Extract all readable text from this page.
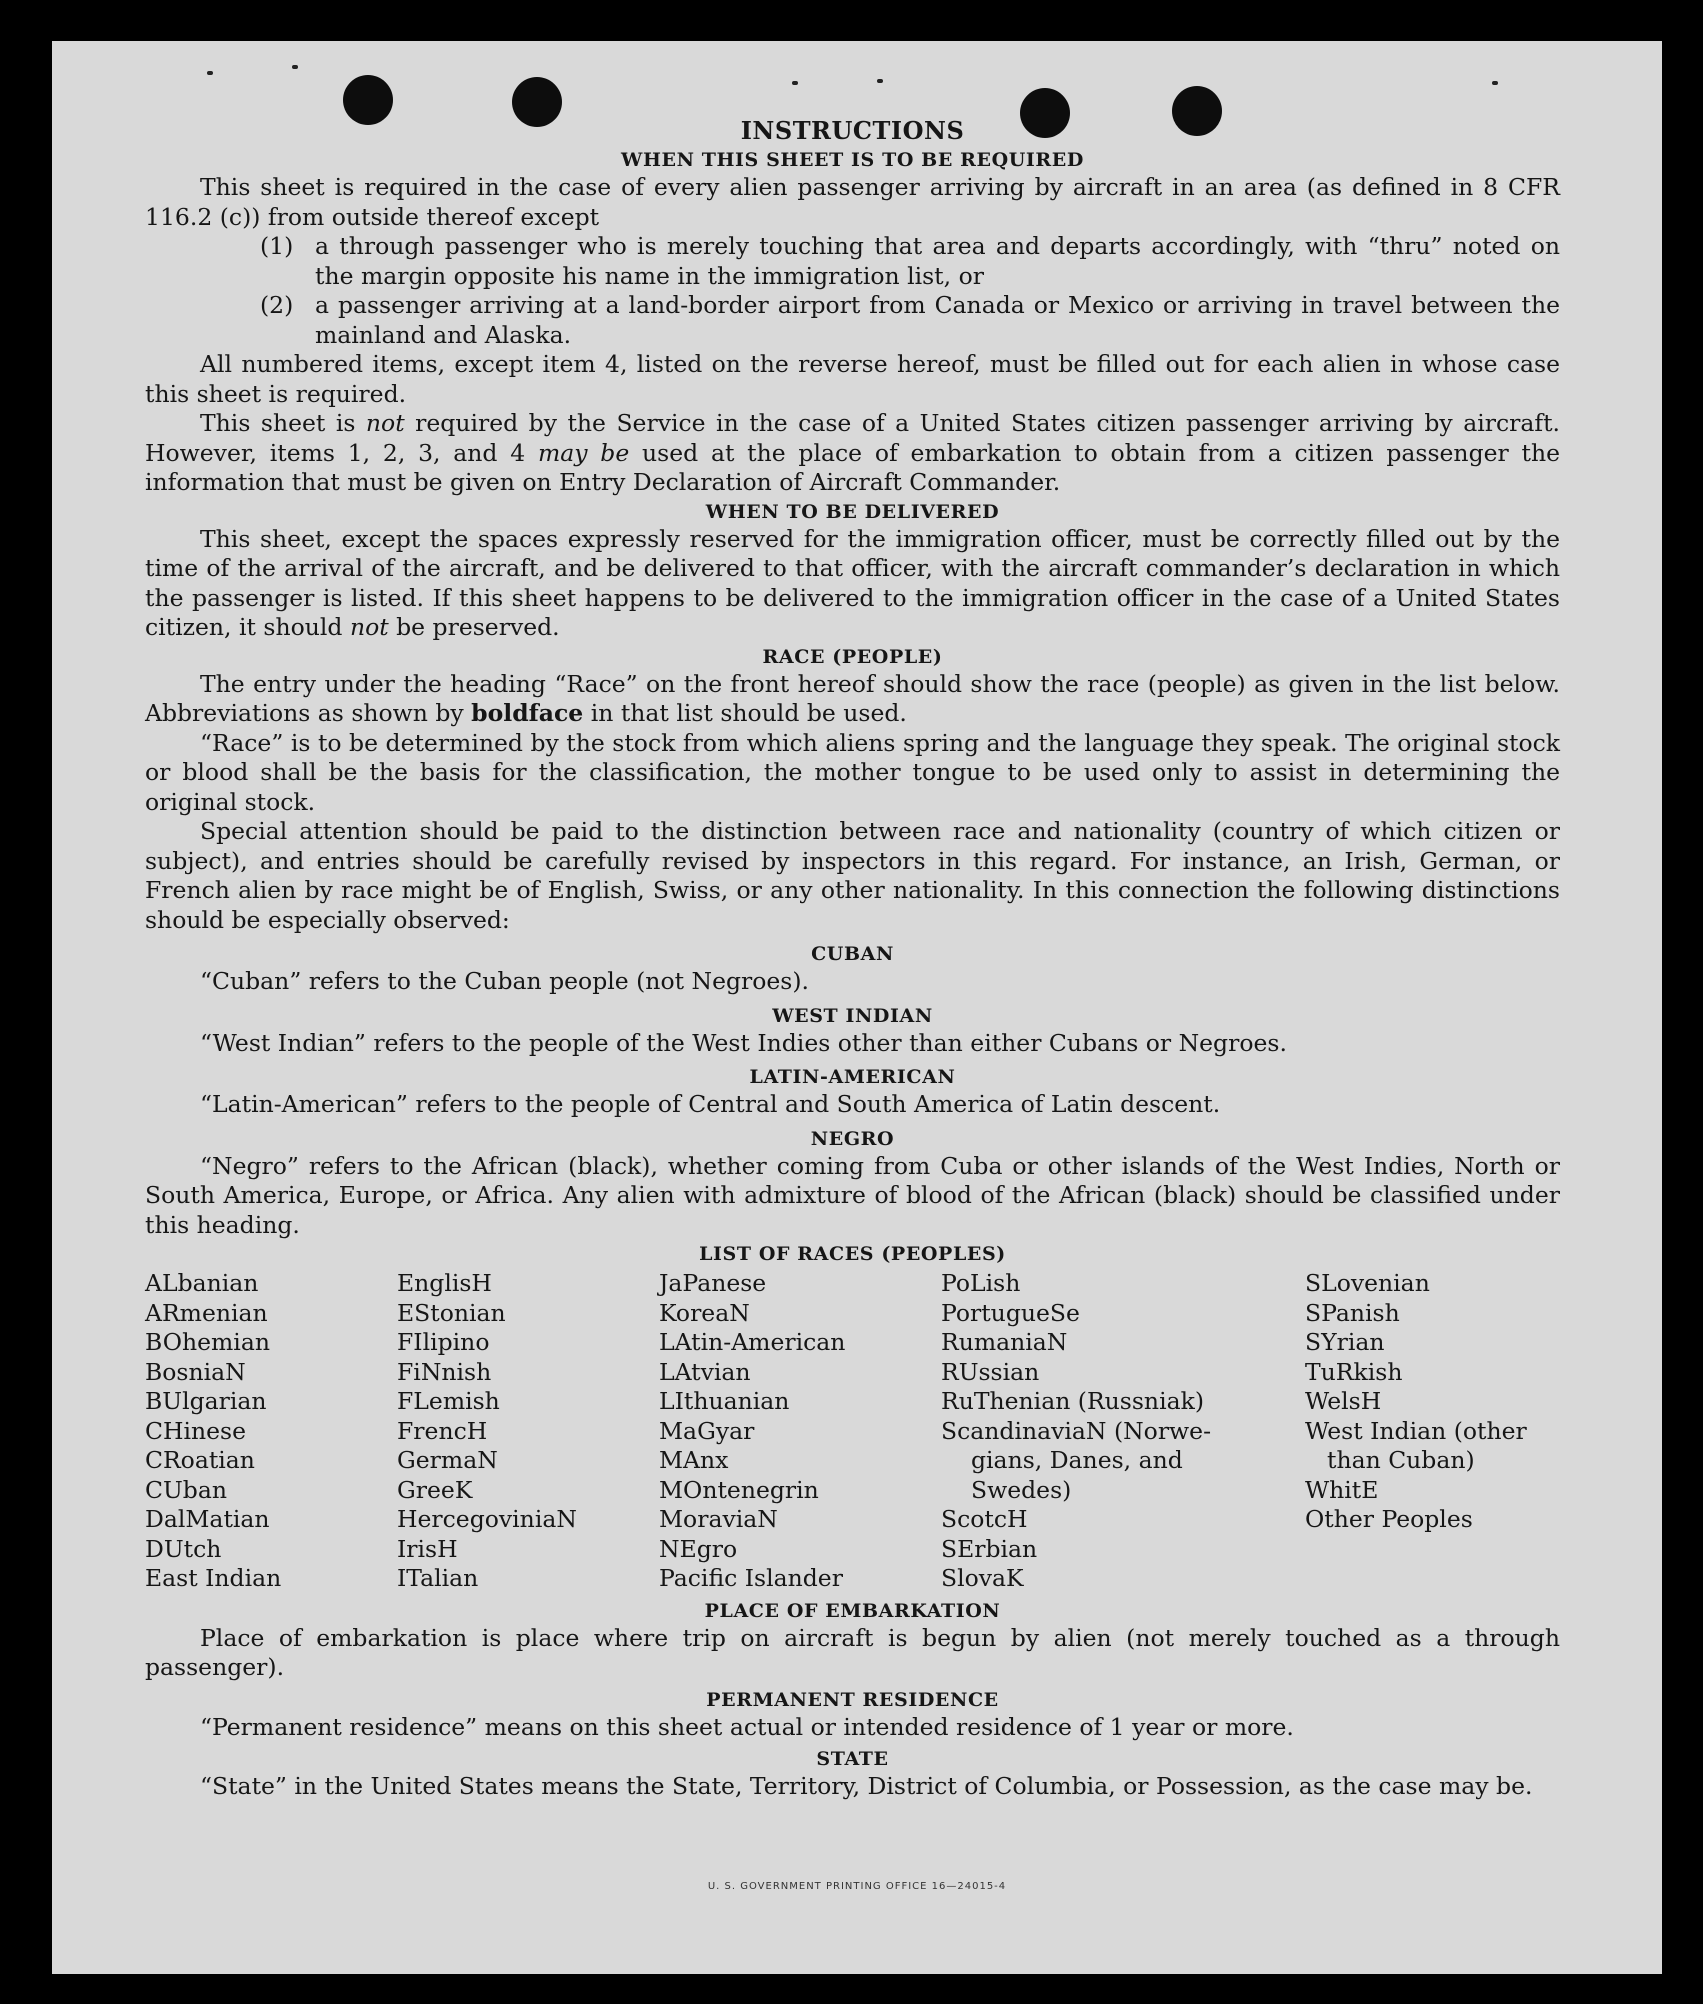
INSTRUCTIONS
WHEN THIS SHEET IS TO BE REQUIRED

This sheet is required in the case of every alien passenger arriving by aircraft in an area (as defined in 8 CFR 116.2 (c)) from outside thereof except

(1) a through passenger who is merely touching that area and departs accordingly, with “thru” noted on the margin opposite his name in the immigration list, or
(2) a passenger arriving at a land-border airport from Canada or Mexico or arriving in travel between the mainland and Alaska.

All numbered items, except item 4, listed on the reverse hereof, must be filled out for each alien in whose case this sheet is required.

This sheet is not required by the Service in the case of a United States citizen passenger arriving by aircraft. However, items 1, 2, 3, and 4 may be used at the place of embarkation to obtain from a citizen passenger the information that must be given on Entry Declaration of Aircraft Commander.

WHEN TO BE DELIVERED

This sheet, except the spaces expressly reserved for the immigration officer, must be correctly filled out by the time of the arrival of the aircraft, and be delivered to that officer, with the aircraft commander’s declaration in which the passenger is listed. If this sheet happens to be delivered to the immigration officer in the case of a United States citizen, it should not be preserved.

RACE (PEOPLE)

The entry under the heading “Race” on the front hereof should show the race (people) as given in the list below. Abbreviations as shown by boldface in that list should be used.

“Race” is to be determined by the stock from which aliens spring and the language they speak. The original stock or blood shall be the basis for the classification, the mother tongue to be used only to assist in determining the original stock.

Special attention should be paid to the distinction between race and nationality (country of which citizen or subject), and entries should be carefully revised by inspectors in this regard. For instance, an Irish, German, or French alien by race might be of English, Swiss, or any other nationality. In this connection the following distinctions should be especially observed:

CUBAN

“Cuban” refers to the Cuban people (not Negroes).

WEST INDIAN

“West Indian” refers to the people of the West Indies other than either Cubans or Negroes.

LATIN-AMERICAN

“Latin-American” refers to the people of Central and South America of Latin descent.

NEGRO

“Negro” refers to the African (black), whether coming from Cuba or other islands of the West Indies, North or South America, Europe, or Africa. Any alien with admixture of blood of the African (black) should be classified under this heading.

LIST OF RACES (PEOPLES)
ALbanian
ARmenian
BOhemian
BosniaN
BUlgarian
CHinese
CRoatian
CUban
DalMatian
DUtch
East Indian
EnglisH
EStonian
FIlipino
FiNnish
FLemish
FrencH
GermaN
GreeK
HercegoviniaN
IrisH
ITalian
JaPanese
KoreaN
LAtin-American
LAtvian
LIthuanian
MaGyar
MAnx
MOntenegrin
MoraviaN
NEgro
Pacific Islander
PoLish
PortugueSe
RumaniaN
RUssian
RuThenian (Russniak)
ScandinaviaN (Norwe-
gians, Danes, and
Swedes)
ScotcH
SErbian
SlovaK
SLovenian
SPanish
SYrian
TuRkish
WelsH
West Indian (other
than Cuban)
WhitE
Other Peoples
PLACE OF EMBARKATION

Place of embarkation is place where trip on aircraft is begun by alien (not merely touched as a through passenger).

PERMANENT RESIDENCE

“Permanent residence” means on this sheet actual or intended residence of 1 year or more.

STATE

“State” in the United States means the State, Territory, District of Columbia, or Possession, as the case may be.

U. S. GOVERNMENT PRINTING OFFICE 16—24015-4
